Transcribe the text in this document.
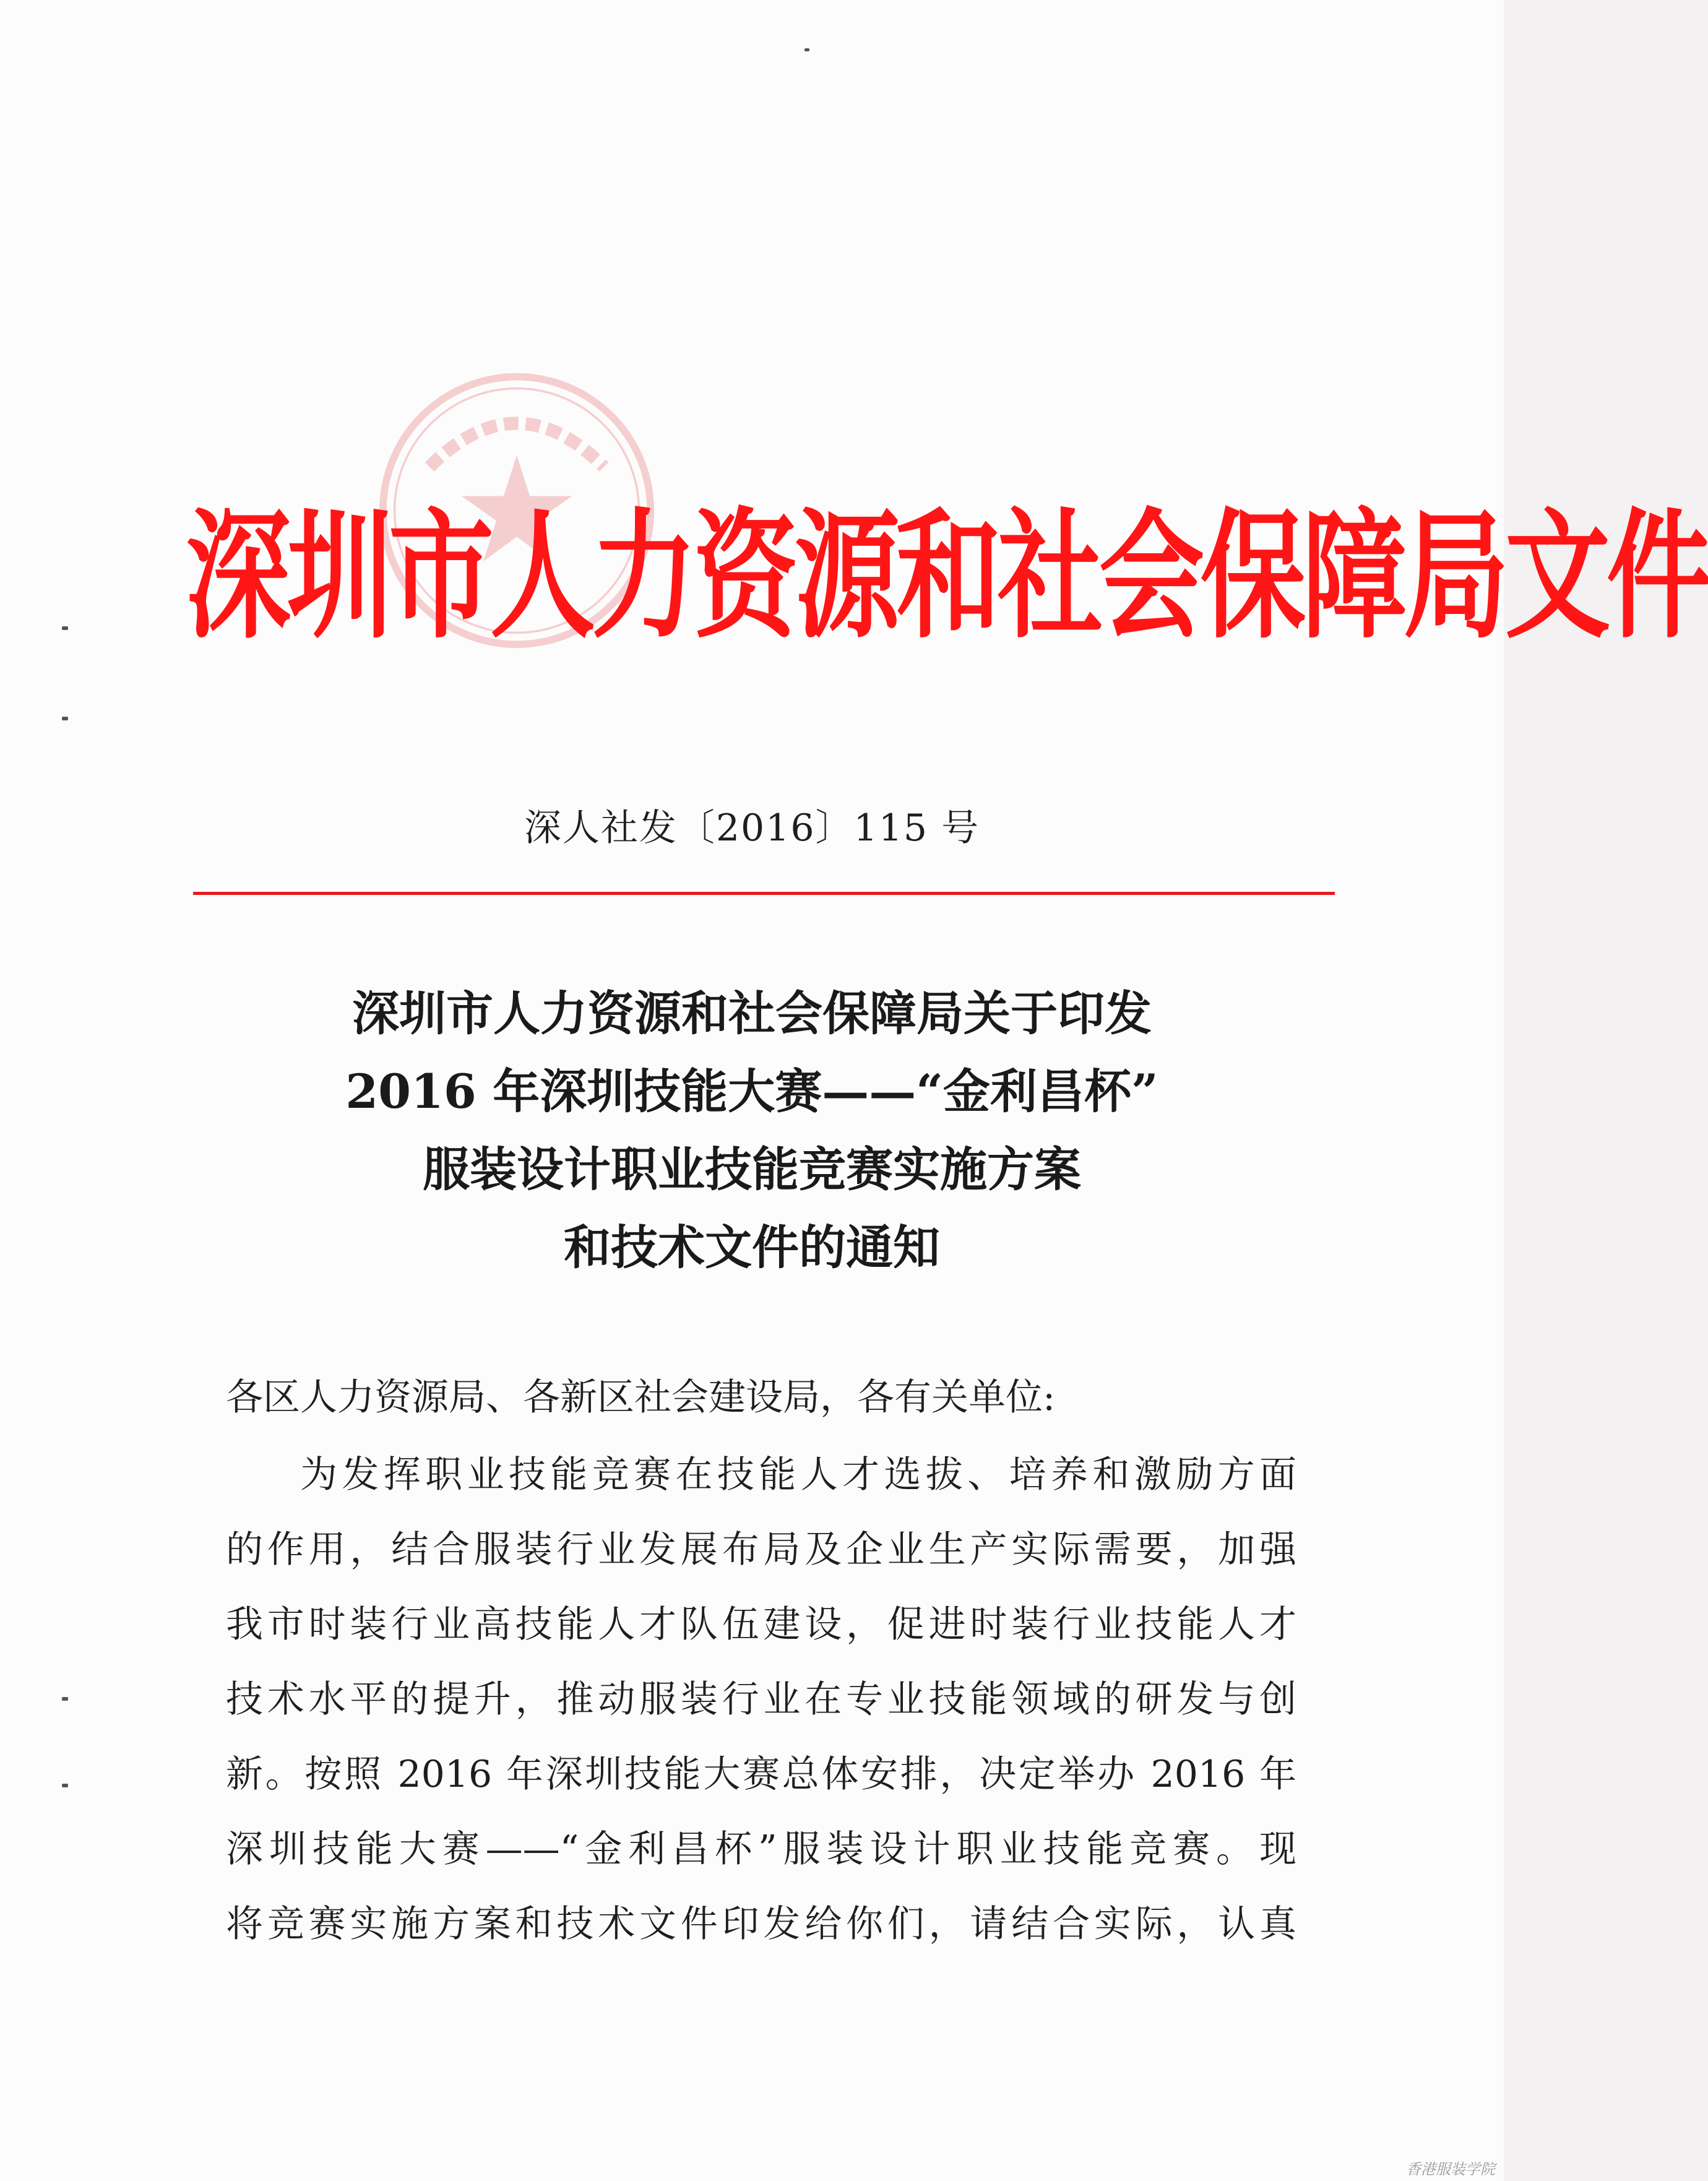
深圳市人力资源和社会保障局文件
深人社发〔2016〕115 号
深圳市人力资源和社会保障局关于印发
2016 年深圳技能大赛——“金利昌杯”
服装设计职业技能竞赛实施方案
和技术文件的通知
各区人力资源局、各新区社会建设局，各有关单位:
为发挥职业技能竞赛在技能人才选拔、培养和激励方面
的作用，结合服装行业发展布局及企业生产实际需要，加强
我市时装行业高技能人才队伍建设，促进时装行业技能人才
技术水平的提升，推动服装行业在专业技能领域的研发与创
新。按照 2016 年深圳技能大赛总体安排，决定举办 2016 年
深圳技能大赛——“金利昌杯”服装设计职业技能竞赛。现
将竞赛实施方案和技术文件印发给你们，请结合实际，认真
香港服装学院
